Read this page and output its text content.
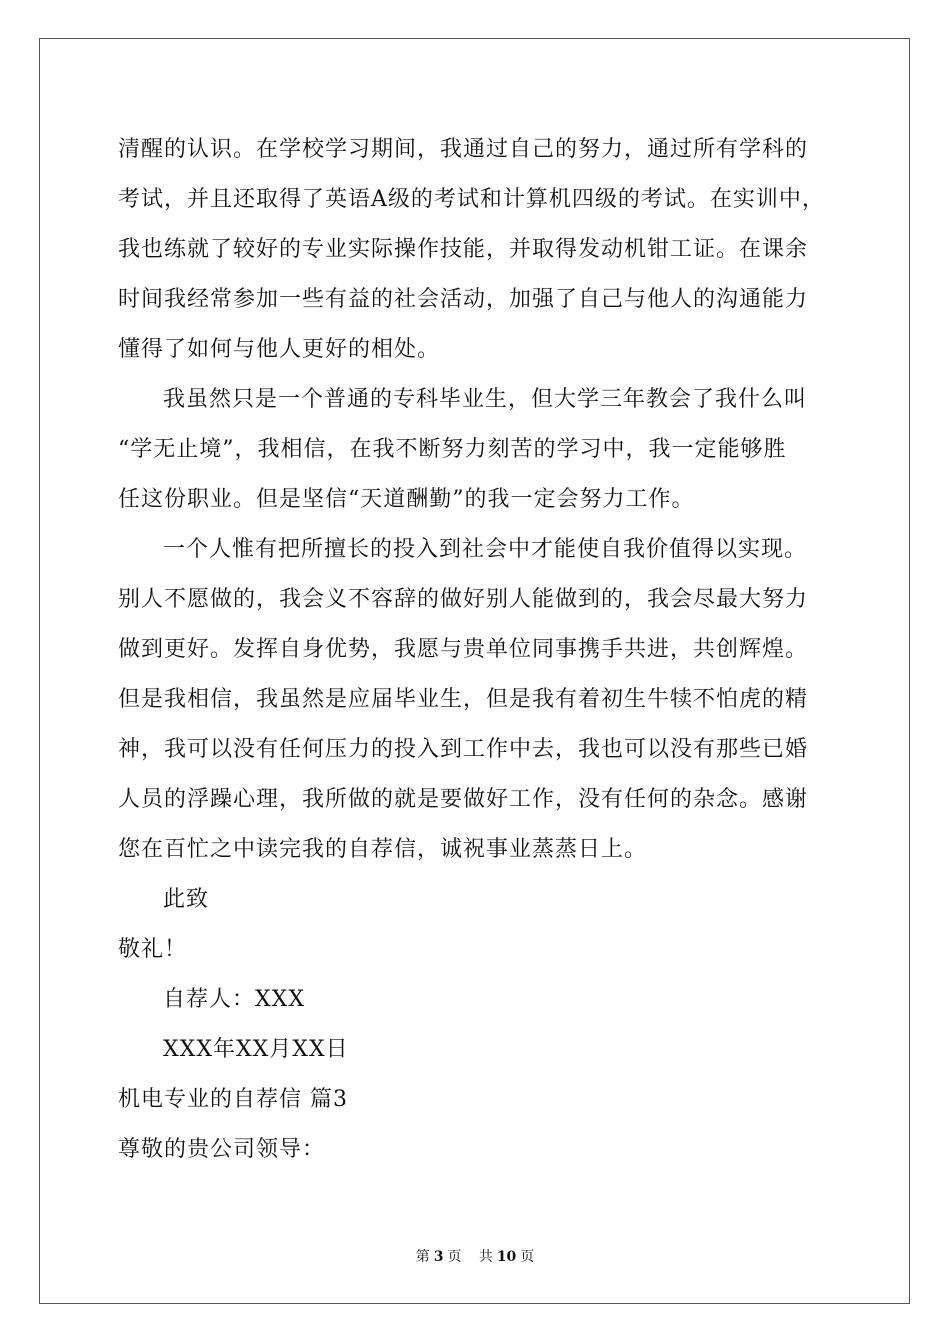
清醒的认识。在学校学习期间，我通过自己的努力，通过所有学科的
考试，并且还取得了英语A级的考试和计算机四级的考试。在实训中，
我也练就了较好的专业实际操作技能，并取得发动机钳工证。在课余
时间我经常参加一些有益的社会活动，加强了自己与他人的沟通能力
懂得了如何与他人更好的相处。
我虽然只是一个普通的专科毕业生，但大学三年教会了我什么叫
“学无止境”，我相信，在我不断努力刻苦的学习中，我一定能够胜
任这份职业。但是坚信“天道酬勤”的我一定会努力工作。
一个人惟有把所擅长的投入到社会中才能使自我价值得以实现。
别人不愿做的，我会义不容辞的做好别人能做到的，我会尽最大努力
做到更好。发挥自身优势，我愿与贵单位同事携手共进，共创辉煌。
但是我相信，我虽然是应届毕业生，但是我有着初生牛犊不怕虎的精
神，我可以没有任何压力的投入到工作中去，我也可以没有那些已婚
人员的浮躁心理，我所做的就是要做好工作，没有任何的杂念。感谢
您在百忙之中读完我的自荐信，诚祝事业蒸蒸日上。
此致
敬礼！
自荐人：XXX
XXX年XX月XX日
机电专业的自荐信 篇3
尊敬的贵公司领导：
第 3 页 共 10 页
